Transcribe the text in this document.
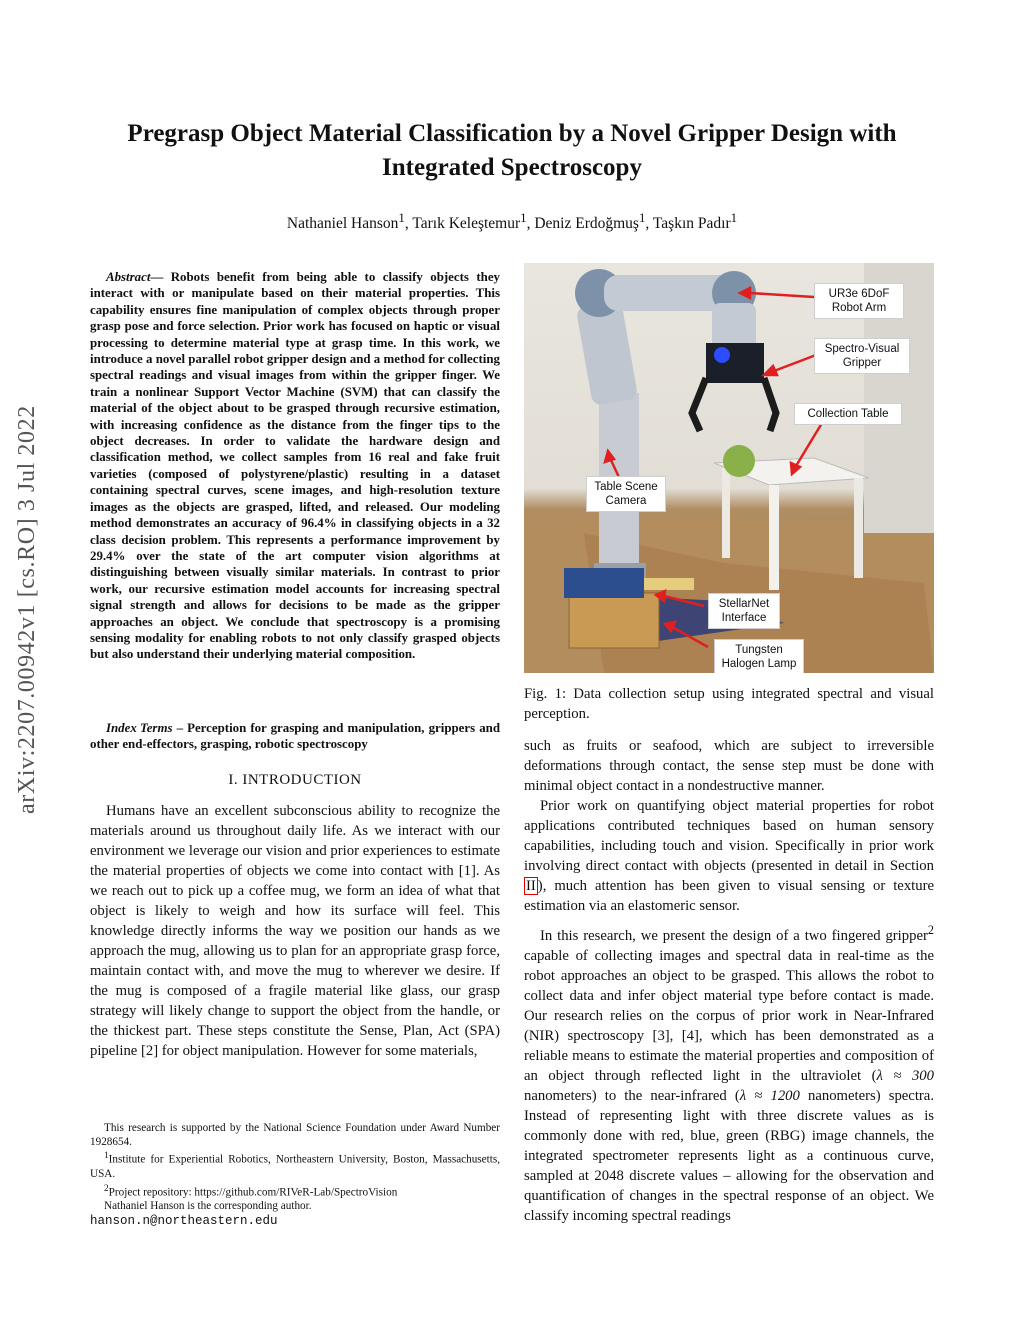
arXiv:2207.00942v1 [cs.RO] 3 Jul 2022
Pregrasp Object Material Classification by a Novel Gripper Design with
Integrated Spectroscopy
Nathaniel Hanson$^1$, Tarık Keleştemur$^1$, Deniz Erdoğmuş$^1$, Taşkın Padır$^1$
Abstract— Robots benefit from being able to classify objects they interact with or manipulate based on their material properties. This capability ensures fine manipulation of complex objects through proper grasp pose and force selection. Prior work has focused on haptic or visual processing to determine material type at grasp time. In this work, we introduce a novel parallel robot gripper design and a method for collecting spectral readings and visual images from within the gripper finger. We train a nonlinear Support Vector Machine (SVM) that can classify the material of the object about to be grasped through recursive estimation, with increasing confidence as the distance from the finger tips to the object decreases. In order to validate the hardware design and classification method, we collect samples from 16 real and fake fruit varieties (composed of polystyrene/plastic) resulting in a dataset containing spectral curves, scene images, and high-resolution texture images as the objects are grasped, lifted, and released. Our modeling method demonstrates an accuracy of 96.4% in classifying objects in a 32 class decision problem. This represents a performance improvement by 29.4% over the state of the art computer vision algorithms at distinguishing between visually similar materials. In contrast to prior work, our recursive estimation model accounts for increasing spectral signal strength and allows for decisions to be made as the gripper approaches an object. We conclude that spectroscopy is a promising sensing modality for enabling robots to not only classify grasped objects but also understand their underlying material composition.
Index Terms – Perception for grasping and manipulation, grippers and other end-effectors, grasping, robotic spectroscopy
I. INTRODUCTION
Humans have an excellent subconscious ability to recognize the materials around us throughout daily life. As we interact with our environment we leverage our vision and prior experiences to estimate the material properties of objects we come into contact with [1]. As we reach out to pick up a coffee mug, we form an idea of what that object is likely to weigh and how its surface will feel. This knowledge directly informs the way we position our hands as we approach the mug, allowing us to plan for an appropriate grasp force, maintain contact with, and move the mug to wherever we desire. If the mug is composed of a fragile material like glass, our grasp strategy will likely change to support the object from the handle, or the thickest part. These steps constitute the Sense, Plan, Act (SPA) pipeline [2] for object manipulation. However for some materials,

This research is supported by the National Science Foundation under Award Number 1928654.

$^1$Institute for Experiential Robotics, Northeastern University, Boston, Massachusetts, USA.

$^2$Project repository: https://github.com/RIVeR-Lab/SpectroVision

Nathaniel Hanson is the corresponding author.

hanson.n@northeastern.edu

UR3e 6DoF
Robot Arm
Spectro-Visual
Gripper
Collection Table
Table Scene
Camera
StellarNet
Interface
Tungsten
Halogen Lamp
Fig. 1: Data collection setup using integrated spectral and visual perception.

such as fruits or seafood, which are subject to irreversible deformations through contact, the sense step must be done with minimal object contact in a nondestructive manner.

Prior work on quantifying object material properties for robot applications contributed techniques based on human sensory capabilities, including touch and vision. Specifically in prior work involving direct contact with objects (presented in detail in Section II ), much attention has been given to visual sensing or texture estimation via an elastomeric sensor.

In this research, we present the design of a two fingered gripper$^2$ capable of collecting images and spectral data in real-time as the robot approaches an object to be grasped. This allows the robot to collect data and infer object material type before contact is made. Our research relies on the corpus of prior work in Near-Infrared (NIR) spectroscopy [3], [4], which has been demonstrated as a reliable means to estimate the material properties and composition of an object through reflected light in the ultraviolet (λ ≈ 300 nanometers) to the near-infrared (λ ≈ 1200 nanometers) spectra. Instead of representing light with three discrete values as is commonly done with red, blue, green (RBG) image channels, the integrated spectrometer represents light as a continuous curve, sampled at 2048 discrete values – allowing for the observation and quantification of changes in the spectral response of an object. We classify incoming spectral readings
